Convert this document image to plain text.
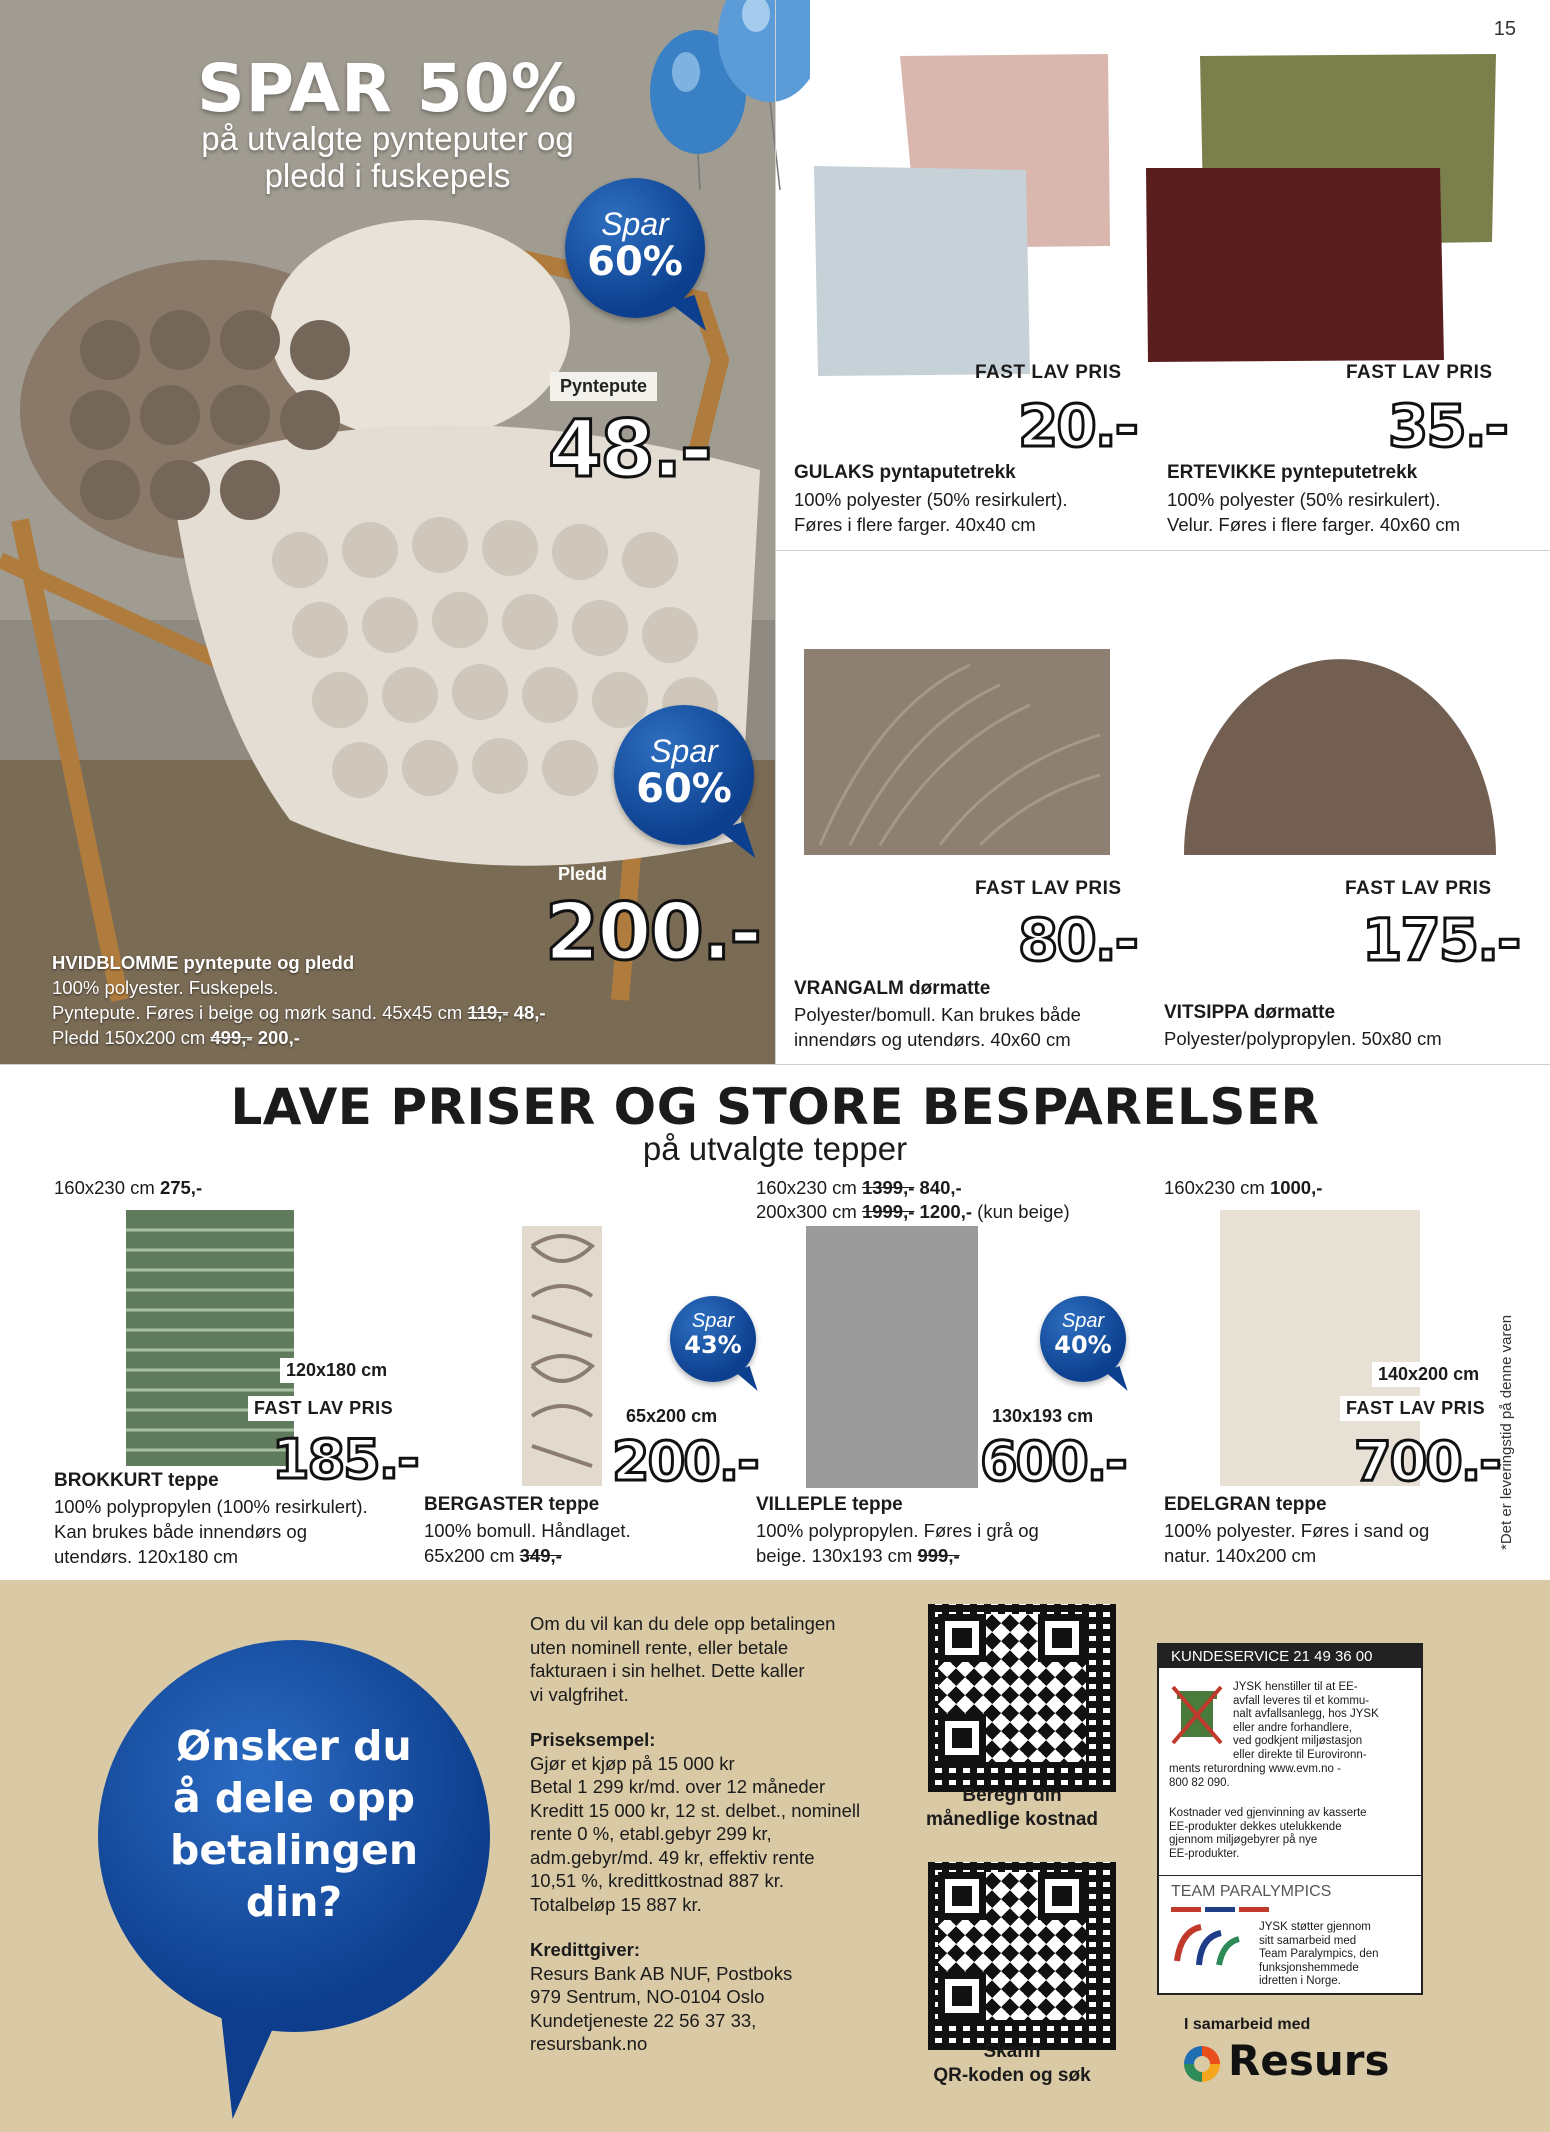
15
SPAR 50%
på utvalgte pynteputer og
pledd i fuskepels
Spar
60%
Pyntepute
48.-
Spar
60%
Pledd
200.-
HVIDBLOMME pyntepute og pledd
100% polyester. Fuskepels.
Pyntepute. Føres i beige og mørk sand. 45x45 cm 119,- 48,-
Pledd 150x200 cm 499,- 200,-
FAST LAV PRIS
20.-
GULAKS pyntaputetrekk
100% polyester (50% resirkulert).
Føres i flere farger. 40x40 cm
FAST LAV PRIS
35.-
ERTEVIKKE pynteputetrekk
100% polyester (50% resirkulert).
Velur. Føres i flere farger. 40x60 cm
FAST LAV PRIS
80.-
VRANGALM dørmatte
Polyester/bomull. Kan brukes både
innendørs og utendørs. 40x60 cm
FAST LAV PRIS
175.-
VITSIPPA dørmatte
Polyester/polypropylen. 50x80 cm
LAVE PRISER OG STORE BESPARELSER
på utvalgte tepper
160x230 cm 275,-
120x180 cm
FAST LAV PRIS
185.-
BROKKURT teppe
100% polypropylen (100% resirkulert).
Kan brukes både innendørs og
utendørs. 120x180 cm
Spar
43%
65x200 cm
200.-
BERGASTER teppe
100% bomull. Håndlaget.
65x200 cm 349,-
160x230 cm 1399,- 840,-
200x300 cm 1999,- 1200,- (kun beige)
Spar
40%
130x193 cm
600.-
VILLEPLE teppe
100% polypropylen. Føres i grå og
beige. 130x193 cm 999,-
160x230 cm 1000,-
140x200 cm
FAST LAV PRIS
700.-
EDELGRAN teppe
100% polyester. Føres i sand og
natur. 140x200 cm
*Det er leveringstid på denne varen
Ønsker du
å dele opp
betalingen
din?
Om du vil kan du dele opp betalingen
uten nominell rente, eller betale
fakturaen i sin helhet. Dette kaller
vi valgfrihet.
Priseksempel:
Gjør et kjøp på 15 000 kr
Betal 1 299 kr/md. over 12 måneder
Kreditt 15 000 kr, 12 st. delbet., nominell
rente 0 %, etabl.gebyr 299 kr,
adm.gebyr/md. 49 kr, effektiv rente
10,51 %, kredittkostnad 887 kr.
Totalbeløp 15 887 kr.
Kredittgiver:
Resurs Bank AB NUF, Postboks
979 Sentrum, NO-0104 Oslo
Kundetjeneste 22 56 37 33,
resursbank.no
Beregn din
månedlige kostnad
Skann
QR-koden og søk
KUNDESERVICE 21 49 36 00
JYSK henstiller til at EE-
avfall leveres til et kommu-
nalt avfallsanlegg, hos JYSK
eller andre forhandlere,
ved godkjent miljøstasjon
eller direkte til Eurovironn-
ments returordning www.evm.no -
800 82 090.
Kostnader ved gjenvinning av kasserte
EE-produkter dekkes utelukkende
gjennom miljøgebyrer på nye
EE-produkter.
TEAM PARALYMPICS
JYSK støtter gjennom
sitt samarbeid med
Team Paralympics, den
funksjonshemmede
idretten i Norge.
I samarbeid med
Resurs
